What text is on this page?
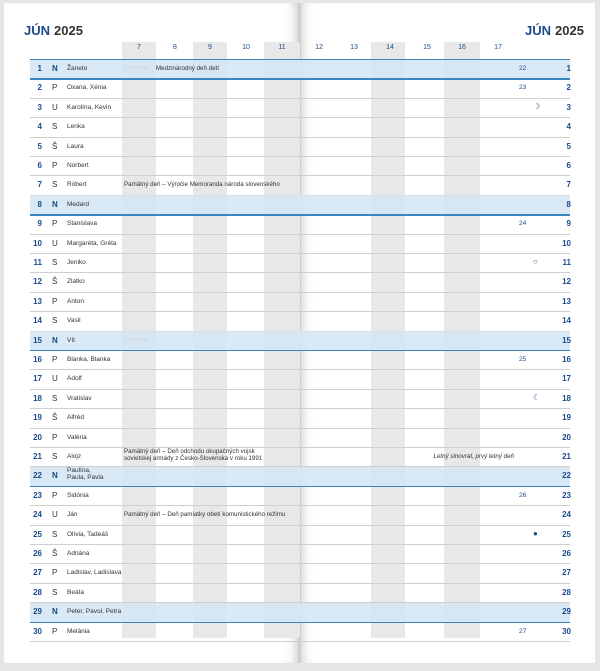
JÚN 2025	JÚN 2025
7	8	9	10	11	12	13	14	15	16	17
1 N Žaneto	Deň otcov Medzinárodný deň detí	22	1
2 P Oxana, Xénia	23	2
3 U Karolína, Kevin	☽	3
4 S Lenka	4
5 Š Laura	5
6 P Norbert	6
7 S Róbert	Pamätný deň – Výročie Memoranda národa slovenského	7
8 N Medard	8
9 P Stanislava	24	9
10 U Margaréta, Gréta	10
11 S Jeniko	○	11
12 Š Zlatko	12
13 P Anton	13
14 S Vasil	14
15 N Vít	Deň otcov	15
16 P Blanka, Blanka	25	16
17 U Adolf	17
18 S Vratislav	☾	18
19 Š Alfréd	19
20 P Valéria	20
21 S Alojz
Pamätný deň – Deň odchodu okupačných vojsk
sovietskej armády z Česko-Slovenska v roku 1991	Letný slnovrat, prvý letný deň	21
22 N
Paulína,
Paula, Pavla	22
23 P Sidónia	26	23
24 U Ján	Pamätný deň – Deň pamiatky obetí komunistického režimu	24
25 S Olívia, Tadeáš	●	25
26 Š Adriána	26
27 P Ladislav, Ladislava	27
28 S Beáta	28
29 N Peter, Pavol, Petra	29
30 P Melánia	27	30
